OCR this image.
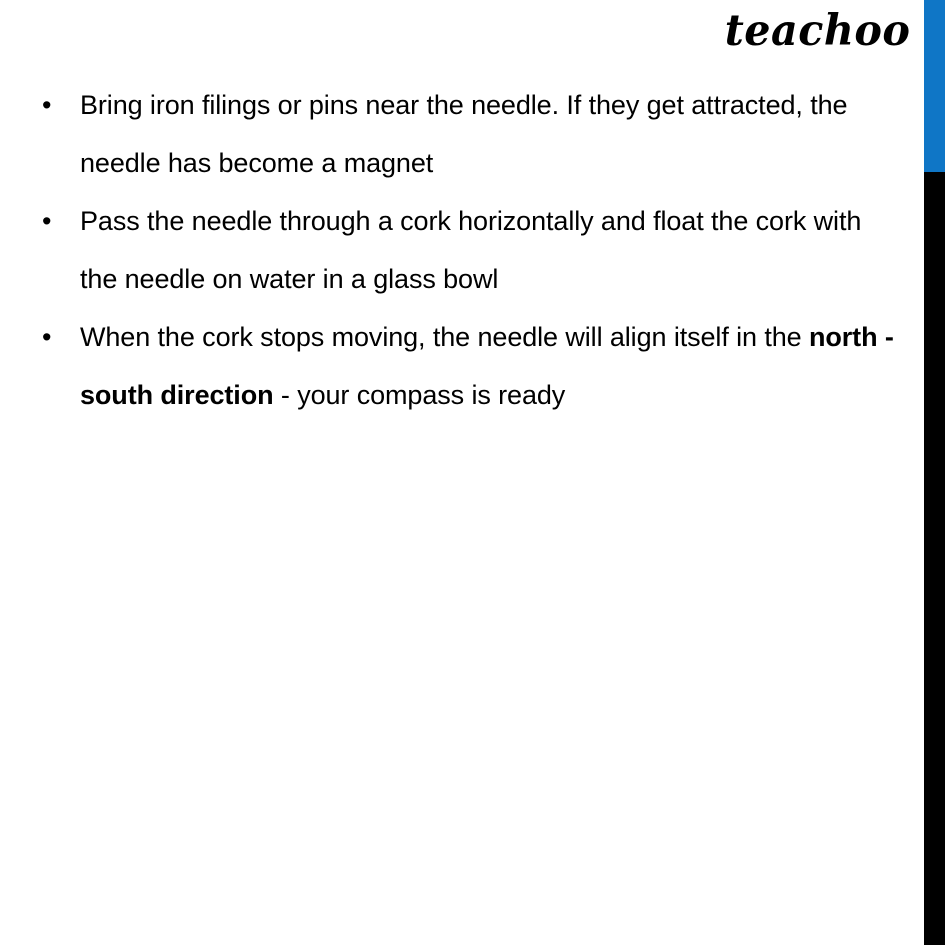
teachoo
•	Bring iron filings or pins near the needle. If they get attracted, the needle has become a magnet
•	Pass the needle through a cork horizontally and float the cork with the needle on water in a glass bowl
•	When the cork stops moving, the needle will align itself in the north - south direction - your compass is ready
